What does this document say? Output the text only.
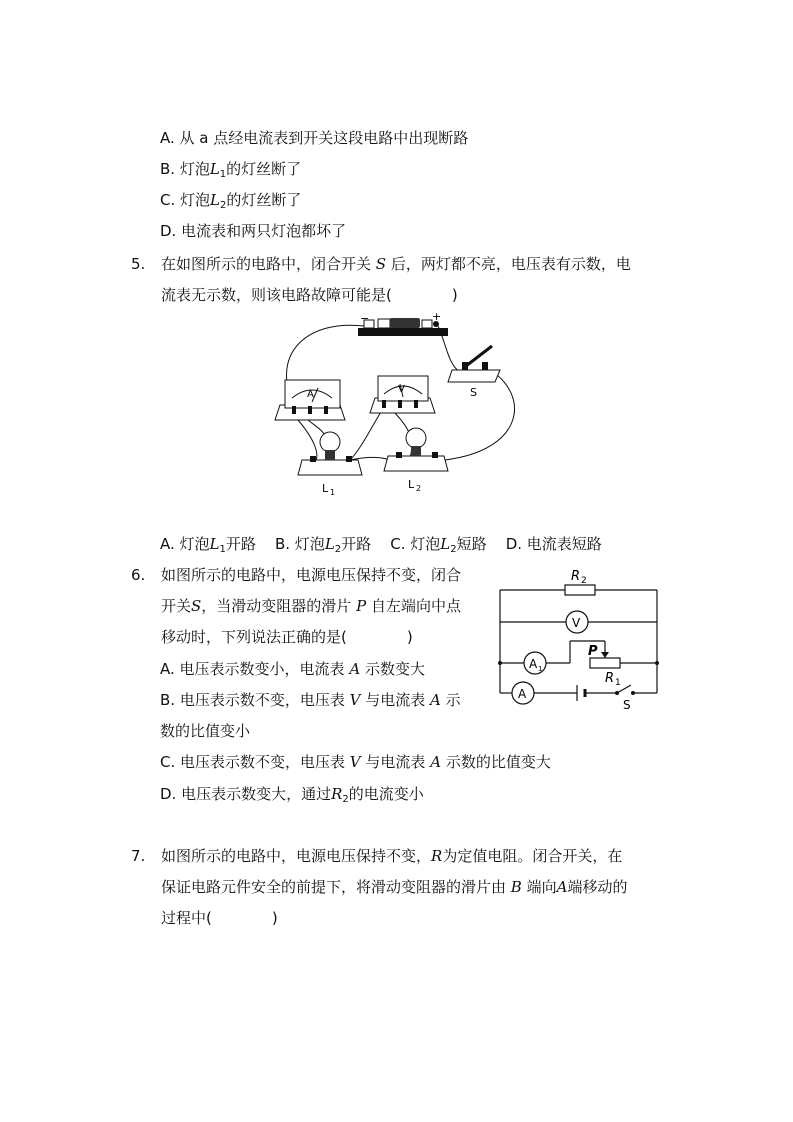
A. 从 a 点经电流表到开关这段电路中出现断路
B. 灯泡$L_1$的灯丝断了
C. 灯泡$L_2$的灯丝断了
D. 电流表和两只灯泡都坏了
5. 在如图所示的电路中，闭合开关 S 后，两灯都不亮，电压表有示数，电
流表无示数，则该电路故障可能是(　　　　)
−	+
S
A	V
L 1
L 2
A. 灯泡$L_1$开路 B. 灯泡$L_2$开路 C. 灯泡$L_2$短路 D. 电流表短路
6. 如图所示的电路中，电源电压保持不变，闭合
开关S，当滑动变阻器的滑片 P 自左端向中点
移动时，下列说法正确的是(　　　　)
A. 电压表示数变小，电流表 A 示数变大
B. 电压表示数不变，电压表 V 与电流表 A 示
数的比值变小
C. 电压表示数不变，电压表 V 与电流表 A 示数的比值变大
D. 电压表示数变大，通过$R_2$的电流变小
R 2
V
A 1
P
R 1
A
S
7. 如图所示的电路中，电源电压保持不变，R为定值电阻。闭合开关，在
保证电路元件安全的前提下，将滑动变阻器的滑片由 B 端向A端移动的
过程中(　　　　)
